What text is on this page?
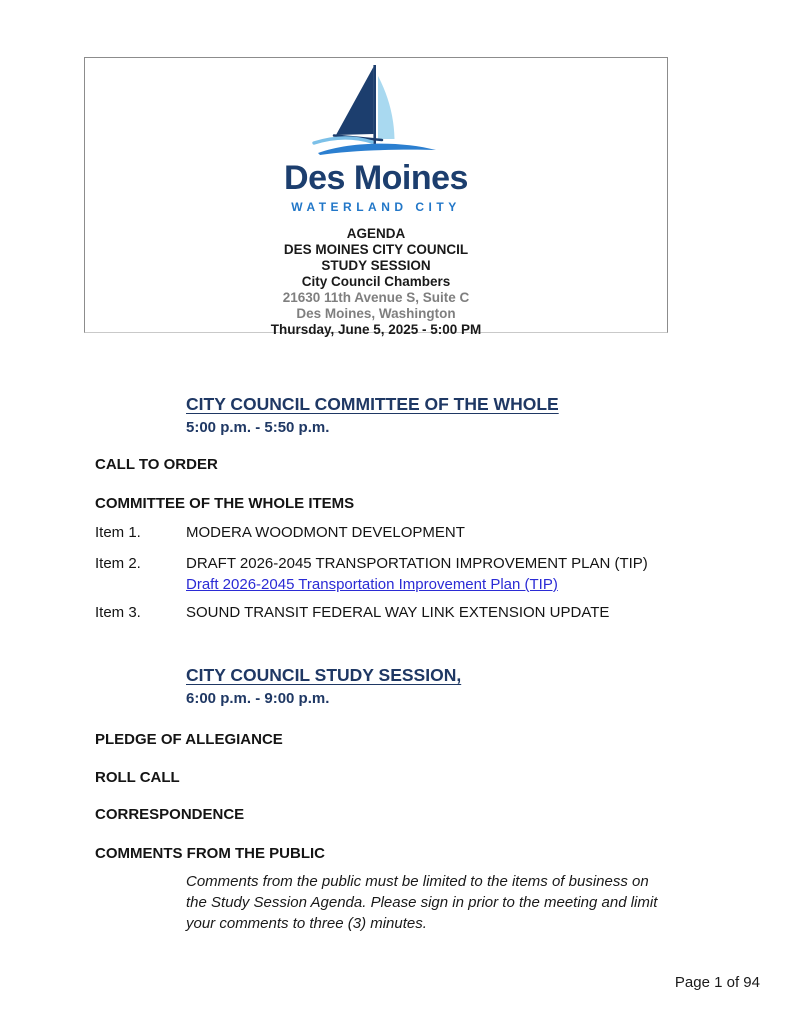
Des Moines
WATERLAND CITY
AGENDA
DES MOINES CITY COUNCIL
STUDY SESSION
City Council Chambers
21630 11th Avenue S, Suite C
Des Moines, Washington
Thursday, June 5, 2025 - 5:00 PM
CITY COUNCIL COMMITTEE OF THE WHOLE
5:00 p.m. - 5:50 p.m.
CALL TO ORDER
COMMITTEE OF THE WHOLE ITEMS
Item 1.	MODERA WOODMONT DEVELOPMENT
Item 2.	DRAFT 2026-2045 TRANSPORTATION IMPROVEMENT PLAN (TIP)
Draft 2026-2045 Transportation Improvement Plan (TIP)
Item 3.	SOUND TRANSIT FEDERAL WAY LINK EXTENSION UPDATE
CITY COUNCIL STUDY SESSION,
6:00 p.m. - 9:00 p.m.
PLEDGE OF ALLEGIANCE
ROLL CALL
CORRESPONDENCE
COMMENTS FROM THE PUBLIC
Comments from the public must be limited to the items of business on the Study Session Agenda. Please sign in prior to the meeting and limit your comments to three (3) minutes.
Page 1 of 94
